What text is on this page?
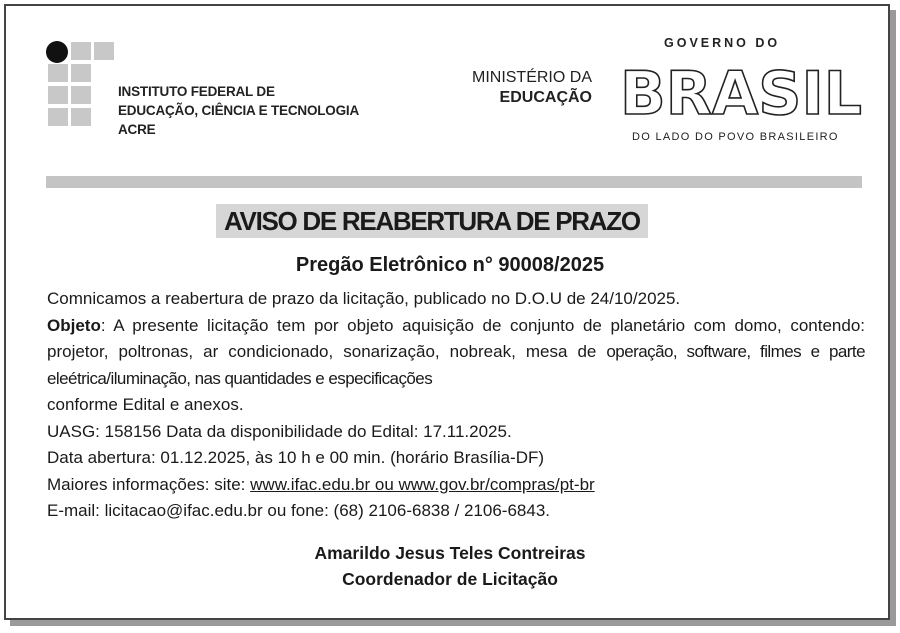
INSTITUTO FEDERAL DE
EDUCAÇÃO, CIÊNCIA E TECNOLOGIA
ACRE
MINISTÉRIO DA
EDUCAÇÃO
GOVERNO DO
BRASIL
DO LADO DO POVO BRASILEIRO
AVISO DE REABERTURA DE PRAZO
Pregão Eletrônico n° 90008/2025

Comnicamos a reabertura de prazo da licitação, publicado no D.O.U de 24/10/2025.

Objeto: A presente licitação tem por objeto aquisição de conjunto de planetário com domo, contendo: projetor, poltronas, ar condicionado, sonarização, nobreak, mesa de operação, software, filmes e parte eleétrica/iluminação, nas quantidades e especificações
conforme Edital e anexos.

UASG: 158156 Data da disponibilidade do Edital: 17.11.2025.

Data abertura: 01.12.2025, às 10 h e 00 min. (horário Brasília-DF)

Maiores informações: site: www.ifac.edu.br ou www.gov.br/compras/pt-br

E-mail: licitacao@ifac.edu.br ou fone: (68) 2106-6838 / 2106-6843.

Amarildo Jesus Teles Contreiras
Coordenador de Licitação
